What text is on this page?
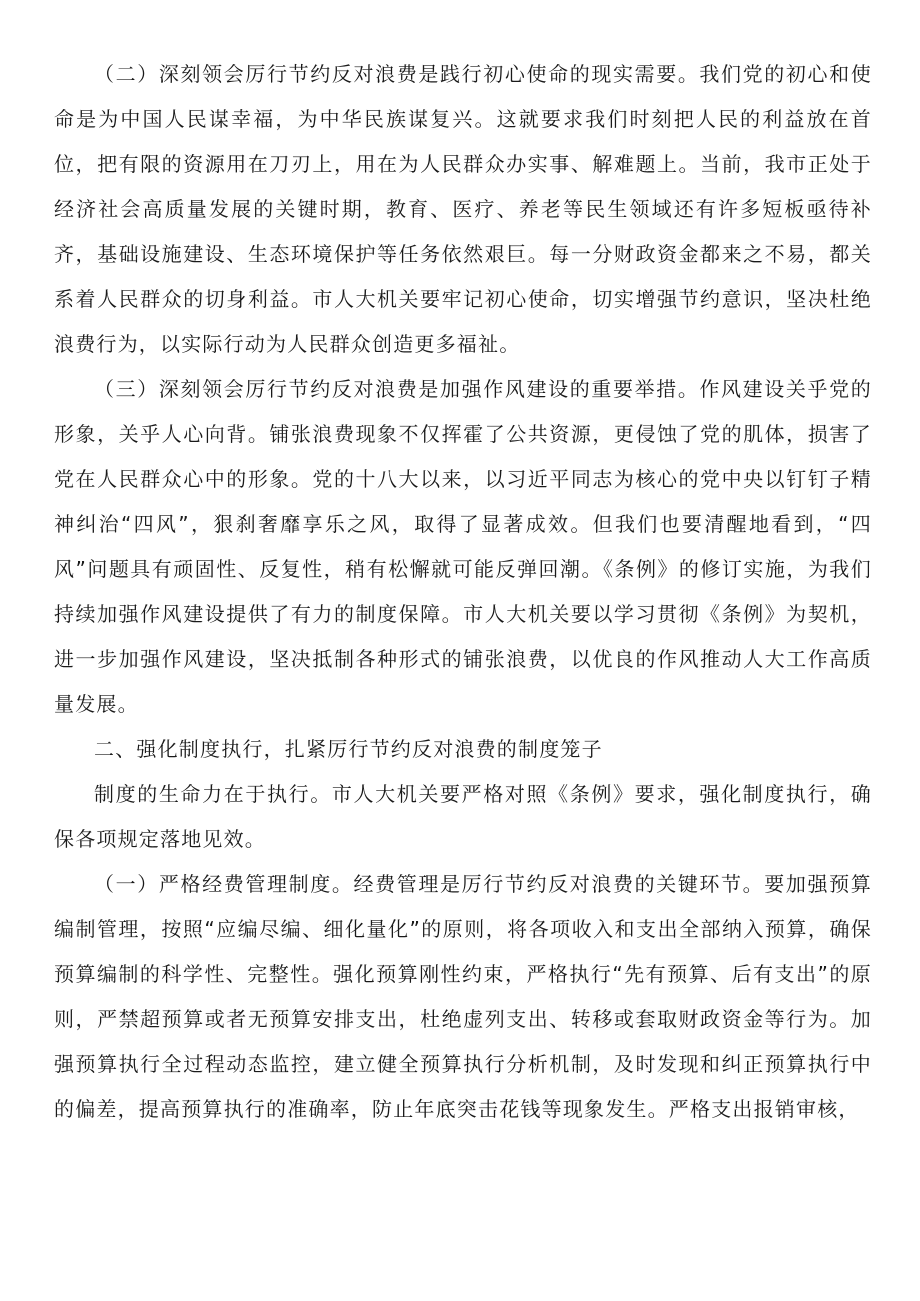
（二）深刻领会厉行节约反对浪费是践行初心使命的现实需要。我们党的初心和使命是为中国人民谋幸福，为中华民族谋复兴。这就要求我们时刻把人民的利益放在首位，把有限的资源用在刀刃上，用在为人民群众办实事、解难题上。当前，我市正处于经济社会高质量发展的关键时期，教育、医疗、养老等民生领域还有许多短板亟待补齐，基础设施建设、生态环境保护等任务依然艰巨。每一分财政资金都来之不易，都关系着人民群众的切身利益。市人大机关要牢记初心使命，切实增强节约意识，坚决杜绝浪费行为，以实际行动为人民群众创造更多福祉。

（三）深刻领会厉行节约反对浪费是加强作风建设的重要举措。作风建设关乎党的形象，关乎人心向背。铺张浪费现象不仅挥霍了公共资源，更侵蚀了党的肌体，损害了党在人民群众心中的形象。党的十八大以来，以习近平同志为核心的党中央以钉钉子精神纠治“四风”，狠刹奢靡享乐之风，取得了显著成效。但我们也要清醒地看到，“四风”问题具有顽固性、反复性，稍有松懈就可能反弹回潮。《条例》的修订实施，为我们持续加强作风建设提供了有力的制度保障。市人大机关要以学习贯彻《条例》为契机，进一步加强作风建设，坚决抵制各种形式的铺张浪费，以优良的作风推动人大工作高质量发展。

二、强化制度执行，扎紧厉行节约反对浪费的制度笼子

制度的生命力在于执行。市人大机关要严格对照《条例》要求，强化制度执行，确保各项规定落地见效。

（一）严格经费管理制度。经费管理是厉行节约反对浪费的关键环节。要加强预算编制管理，按照“应编尽编、细化量化”的原则，将各项收入和支出全部纳入预算，确保预算编制的科学性、完整性。强化预算刚性约束，严格执行“先有预算、后有支出”的原则，严禁超预算或者无预算安排支出，杜绝虚列支出、转移或套取财政资金等行为。加强预算执行全过程动态监控，建立健全预算执行分析机制，及时发现和纠正预算执行中的偏差，提高预算执行的准确率，防止年底突击花钱等现象发生。严格支出报销审核，
